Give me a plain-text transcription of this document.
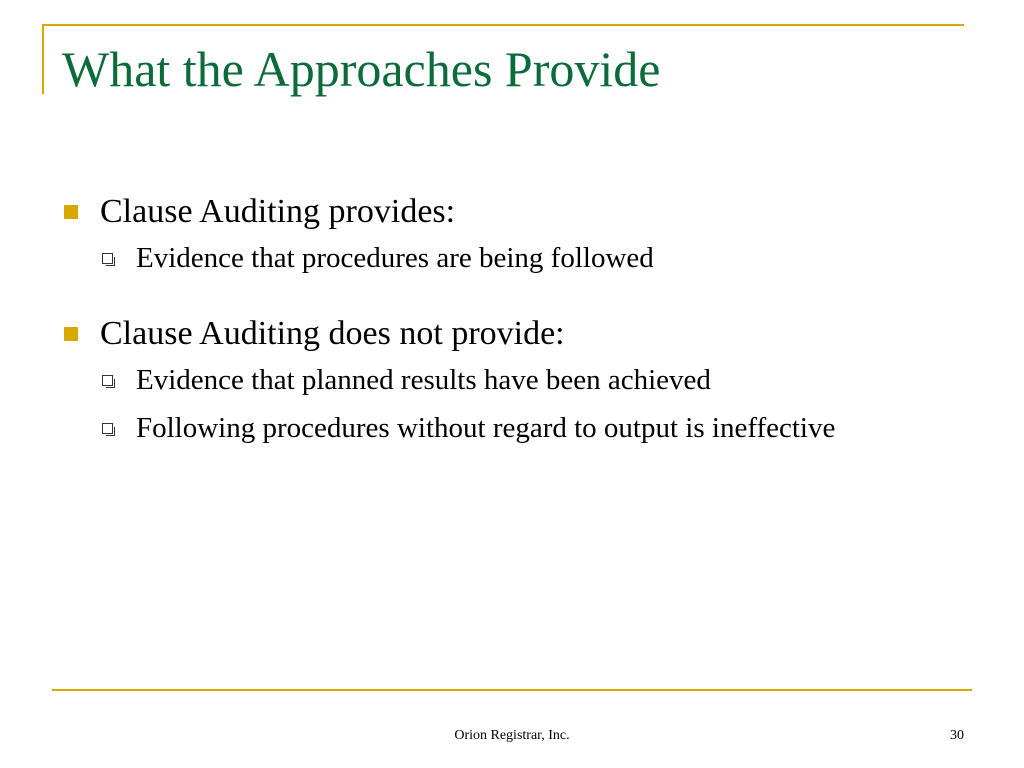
What the Approaches Provide
Clause Auditing provides:
Evidence that procedures are being followed
Clause Auditing does not provide:
Evidence that planned results have been achieved
Following procedures without regard to output is ineffective
Orion Registrar, Inc.	30
